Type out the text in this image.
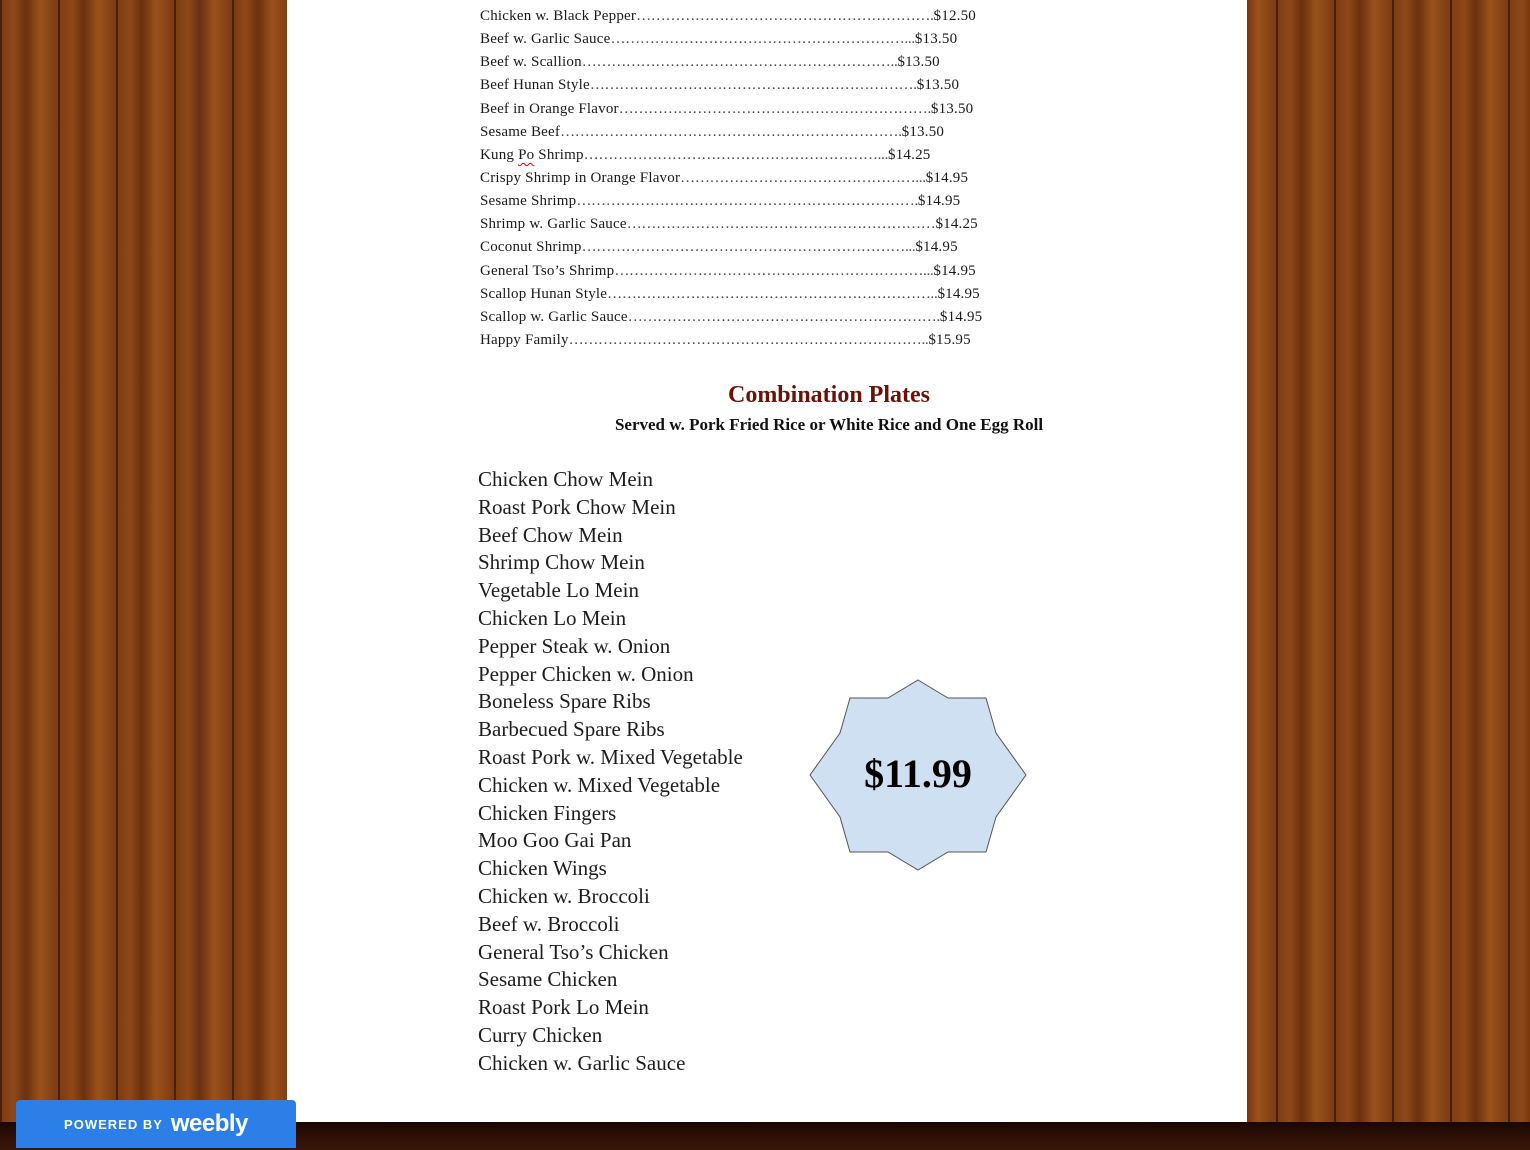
Chicken w. Black Pepper…………………………………………………….$12.50
Beef w. Garlic Sauce……………………………………………………...$13.50
Beef w. Scallion………………………………………………………..$13.50
Beef Hunan Style………………………………………………………….$13.50
Beef in Orange Flavor……………………………………………………….$13.50
Sesame Beef…………………………………………………………….$13.50
Kung Po Shrimp……………………………………………………...$14.25
Crispy Shrimp in Orange Flavor…………………………………………...$14.95
Sesame Shrimp…………………………………………………………….$14.95
Shrimp w. Garlic Sauce………………………………………………………$14.25
Coconut Shrimp…………………………………………………………...$14.95
General Tso’s Shrimp………………………………………………………...$14.95
Scallop Hunan Style…………………………………………………………..$14.95
Scallop w. Garlic Sauce……………………………………………………….$14.95
Happy Family………………………………………………………………..$15.95
Combination Plates
Served w. Pork Fried Rice or White Rice and One Egg Roll
Chicken Chow Mein
Roast Pork Chow Mein
Beef Chow Mein
Shrimp Chow Mein
Vegetable Lo Mein
Chicken Lo Mein
Pepper Steak w. Onion
Pepper Chicken w. Onion
Boneless Spare Ribs
Barbecued Spare Ribs
Roast Pork w. Mixed Vegetable
Chicken w. Mixed Vegetable
Chicken Fingers
Moo Goo Gai Pan
Chicken Wings
Chicken w. Broccoli
Beef w. Broccoli
General Tso’s Chicken
Sesame Chicken
Roast Pork Lo Mein
Curry Chicken
Chicken w. Garlic Sauce
$11.99
POWERED BY weebly
